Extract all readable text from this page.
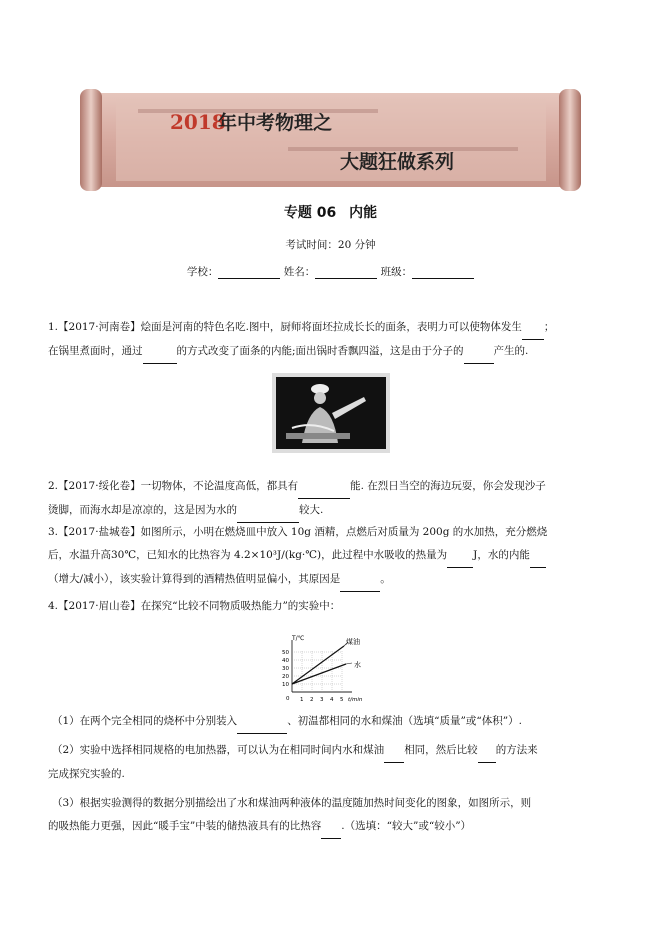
2018
年中考物理之
大题狂做系列
专题 06 内能
考试时间：20 分钟
学校：	姓名：	班级：
1.【2017·河南卷】烩面是河南的特色名吃.图中，厨师将面坯拉成长长的面条，表明力可以使物体发生 ；
在锅里煮面时，通过	的方式改变了面条的内能;面出锅时香飘四溢，这是由于分子的	产生的.
2.【2017·绥化卷】一切物体，不论温度高低，都具有	能. 在烈日当空的海边玩耍，你会发现沙子
烫脚，而海水却是凉凉的，这是因为水的	较大.
3.【2017·盐城卷】如图所示，小明在燃烧皿中放入 10g 酒精，点燃后对质量为 200g 的水加热，充分燃烧
后，水温升高30℃，已知水的比热容为 4.2×10³J/(kg·℃)，此过程中水吸收的热量为 J，水的内能
（增大/减小），该实验计算得到的酒精热值明显偏小，其原因是	。
4.【2017·眉山卷】在探究“比较不同物质吸热能力”的实验中：
T/℃	煤油
水
50
40
30
20
10
0 1 2 3 4 5 t/min
（1）在两个完全相同的烧杯中分别装入	、初温都相同的水和煤油（选填“质量”或“体积”）.
（2）实验中选择相同规格的电加热器，可以认为在相同时间内水和煤油 相同，然后比较 的方法来
完成探究实验的.
（3）根据实验测得的数据分别描绘出了水和煤油两种液体的温度随加热时间变化的图象，如图所示，则
的吸热能力更强，因此“暖手宝”中装的储热液具有的比热容 .（选填：“较大”或“较小”）
